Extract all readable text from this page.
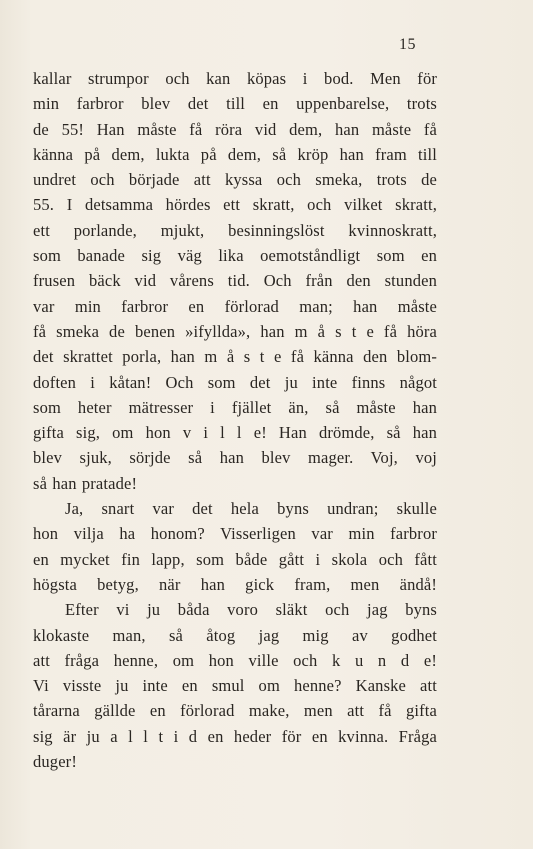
15
kallar strumpor och kan köpas i bod. Men för
min farbror blev det till en uppenbarelse, trots
de 55! Han måste få röra vid dem, han måste få
känna på dem, lukta på dem, så kröp han fram till
undret och började att kyssa och smeka, trots de
55. I detsamma hördes ett skratt, och vilket skratt,
ett porlande, mjukt, besinningslöst kvinnoskratt,
som banade sig väg lika oemotståndligt som en
frusen bäck vid vårens tid. Och från den stunden
var min farbror en förlorad man; han måste
få smeka de benen »ifyllda», han m å s t e få höra
det skrattet porla, han m å s t e få känna den blom-
doften i kåtan! Och som det ju inte finns något
som heter mätresser i fjället än, så måste han
gifta sig, om hon v i l l e! Han drömde, så han
blev sjuk, sörjde så han blev mager. Voj, voj
så han pratade!
Ja, snart var det hela byns undran; skulle
hon vilja ha honom? Visserligen var min farbror
en mycket fin lapp, som både gått i skola och fått
högsta betyg, när han gick fram, men ändå!
Efter vi ju båda voro släkt och jag byns
klokaste man, så åtog jag mig av godhet
att fråga henne, om hon ville och k u n d e!
Vi visste ju inte en smul om henne? Kanske att
tårarna gällde en förlorad make, men att få gifta
sig är ju a l l t i d en heder för en kvinna. Fråga
duger!
